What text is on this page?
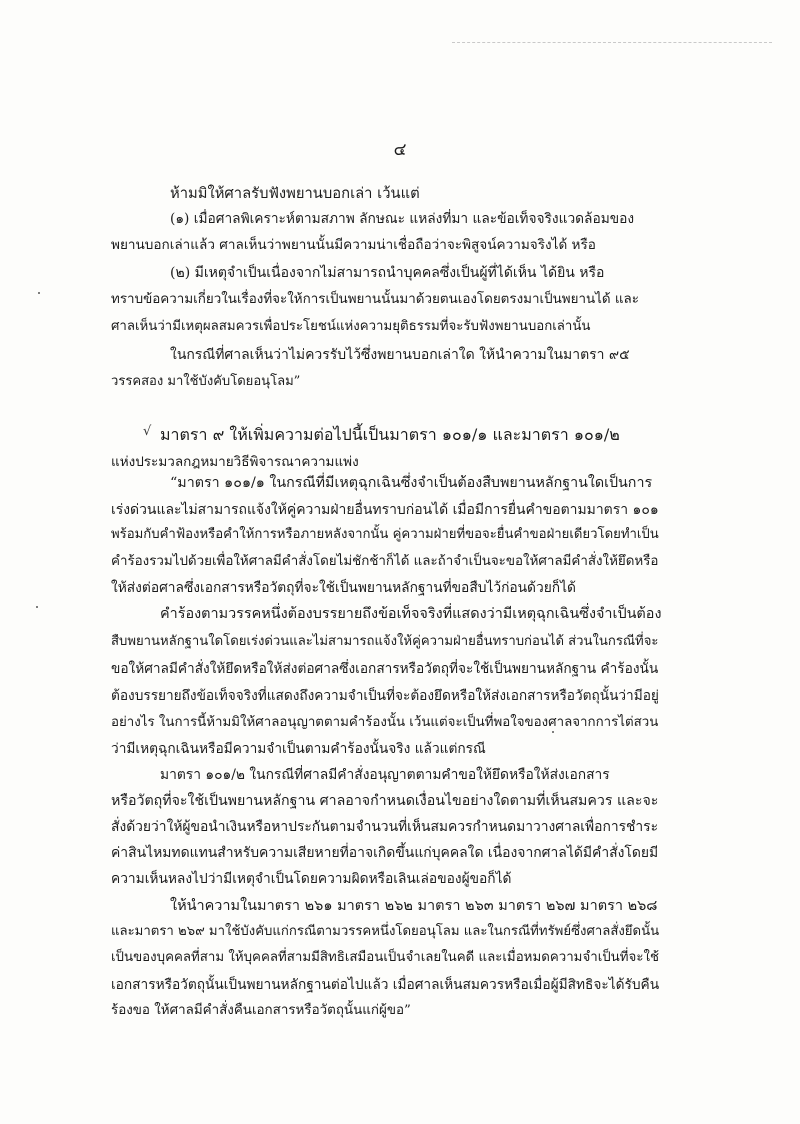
๔
√
ห้ามมิให้ศาลรับฟังพยานบอกเล่า เว้นแต่
(๑) เมื่อศาลพิเคราะห์ตามสภาพ ลักษณะ แหล่งที่มา และข้อเท็จจริงแวดล้อมของ
พยานบอกเล่าแล้ว ศาลเห็นว่าพยานนั้นมีความน่าเชื่อถือว่าจะพิสูจน์ความจริงได้ หรือ
(๒) มีเหตุจำเป็นเนื่องจากไม่สามารถนำบุคคลซึ่งเป็นผู้ที่ได้เห็น ได้ยิน หรือ
ทราบข้อความเกี่ยวในเรื่องที่จะให้การเป็นพยานนั้นมาด้วยตนเองโดยตรงมาเป็นพยานได้ และ
ศาลเห็นว่ามีเหตุผลสมควรเพื่อประโยชน์แห่งความยุติธรรมที่จะรับฟังพยานบอกเล่านั้น
ในกรณีที่ศาลเห็นว่าไม่ควรรับไว้ซึ่งพยานบอกเล่าใด ให้นำความในมาตรา ๙๕
วรรคสอง มาใช้บังคับโดยอนุโลม”
มาตรา ๙ ให้เพิ่มความต่อไปนี้เป็นมาตรา ๑๐๑/๑ และมาตรา ๑๐๑/๒
แห่งประมวลกฎหมายวิธีพิจารณาความแพ่ง
“มาตรา ๑๐๑/๑ ในกรณีที่มีเหตุฉุกเฉินซึ่งจำเป็นต้องสืบพยานหลักฐานใดเป็นการ
เร่งด่วนและไม่สามารถแจ้งให้คู่ความฝ่ายอื่นทราบก่อนได้ เมื่อมีการยื่นคำขอตามมาตรา ๑๐๑
พร้อมกับคำฟ้องหรือคำให้การหรือภายหลังจากนั้น คู่ความฝ่ายที่ขอจะยื่นคำขอฝ่ายเดียวโดยทำเป็น
คำร้องรวมไปด้วยเพื่อให้ศาลมีคำสั่งโดยไม่ชักช้าก็ได้ และถ้าจำเป็นจะขอให้ศาลมีคำสั่งให้ยึดหรือ
ให้ส่งต่อศาลซึ่งเอกสารหรือวัตถุที่จะใช้เป็นพยานหลักฐานที่ขอสืบไว้ก่อนด้วยก็ได้
คำร้องตามวรรคหนึ่งต้องบรรยายถึงข้อเท็จจริงที่แสดงว่ามีเหตุฉุกเฉินซึ่งจำเป็นต้อง
สืบพยานหลักฐานใดโดยเร่งด่วนและไม่สามารถแจ้งให้คู่ความฝ่ายอื่นทราบก่อนได้ ส่วนในกรณีที่จะ
ขอให้ศาลมีคำสั่งให้ยึดหรือให้ส่งต่อศาลซึ่งเอกสารหรือวัตถุที่จะใช้เป็นพยานหลักฐาน คำร้องนั้น
ต้องบรรยายถึงข้อเท็จจริงที่แสดงถึงความจำเป็นที่จะต้องยึดหรือให้ส่งเอกสารหรือวัตถุนั้นว่ามีอยู่
อย่างไร ในการนี้ห้ามมิให้ศาลอนุญาตตามคำร้องนั้น เว้นแต่จะเป็นที่พอใจของศาลจากการไต่สวน
ว่ามีเหตุฉุกเฉินหรือมีความจำเป็นตามคำร้องนั้นจริง แล้วแต่กรณี
มาตรา ๑๐๑/๒ ในกรณีที่ศาลมีคำสั่งอนุญาตตามคำขอให้ยึดหรือให้ส่งเอกสาร
หรือวัตถุที่จะใช้เป็นพยานหลักฐาน ศาลอาจกำหนดเงื่อนไขอย่างใดตามที่เห็นสมควร และจะ
สั่งด้วยว่าให้ผู้ขอนำเงินหรือหาประกันตามจำนวนที่เห็นสมควรกำหนดมาวางศาลเพื่อการชำระ
ค่าสินไหมทดแทนสำหรับความเสียหายที่อาจเกิดขึ้นแก่บุคคลใด เนื่องจากศาลได้มีคำสั่งโดยมี
ความเห็นหลงไปว่ามีเหตุจำเป็นโดยความผิดหรือเลินเล่อของผู้ขอก็ได้
ให้นำความในมาตรา ๒๖๑ มาตรา ๒๖๒ มาตรา ๒๖๓ มาตรา ๒๖๗ มาตรา ๒๖๘
และมาตรา ๒๖๙ มาใช้บังคับแก่กรณีตามวรรคหนึ่งโดยอนุโลม และในกรณีที่ทรัพย์ซึ่งศาลสั่งยึดนั้น
เป็นของบุคคลที่สาม ให้บุคคลที่สามมีสิทธิเสมือนเป็นจำเลยในคดี และเมื่อหมดความจำเป็นที่จะใช้
เอกสารหรือวัตถุนั้นเป็นพยานหลักฐานต่อไปแล้ว เมื่อศาลเห็นสมควรหรือเมื่อผู้มีสิทธิจะได้รับคืน
ร้องขอ ให้ศาลมีคำสั่งคืนเอกสารหรือวัตถุนั้นแก่ผู้ขอ”
